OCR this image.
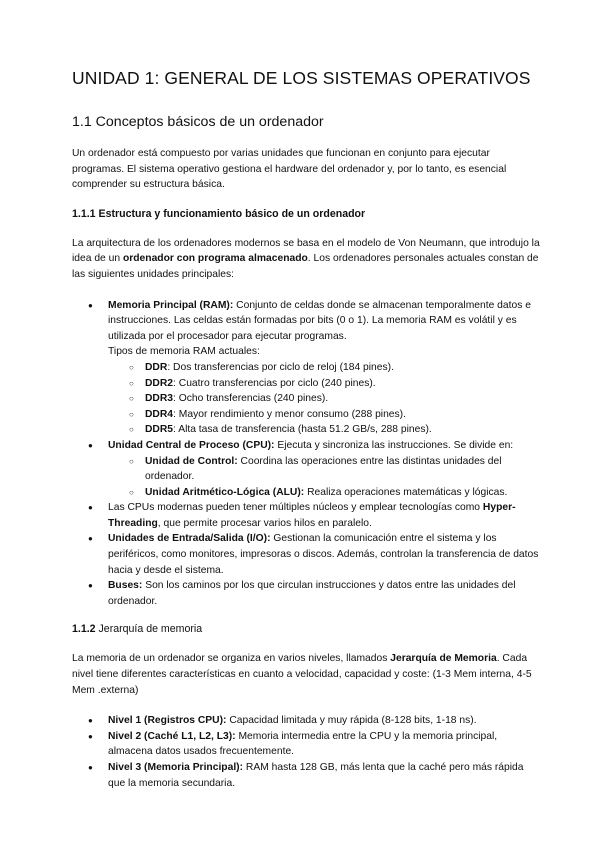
UNIDAD 1: GENERAL DE LOS SISTEMAS OPERATIVOS
1.1 Conceptos básicos de un ordenador

Un ordenador está compuesto por varias unidades que funcionan en conjunto para ejecutar programas. El sistema operativo gestiona el hardware del ordenador y, por lo tanto, es esencial comprender su estructura básica.

1.1.1 Estructura y funcionamiento básico de un ordenador

La arquitectura de los ordenadores modernos se basa en el modelo de Von Neumann, que introdujo la idea de un ordenador con programa almacenado. Los ordenadores personales actuales constan de las siguientes unidades principales:

● Memoria Principal (RAM): Conjunto de celdas donde se almacenan temporalmente datos e instrucciones. Las celdas están formadas por bits (0 o 1). La memoria RAM es volátil y es utilizada por el procesador para ejecutar programas.
Tipos de memoria RAM actuales:
○ DDR: Dos transferencias por ciclo de reloj (184 pines).
○ DDR2: Cuatro transferencias por ciclo (240 pines).
○ DDR3: Ocho transferencias (240 pines).
○ DDR4: Mayor rendimiento y menor consumo (288 pines).
○ DDR5: Alta tasa de transferencia (hasta 51.2 GB/s, 288 pines).
● Unidad Central de Proceso (CPU): Ejecuta y sincroniza las instrucciones. Se divide en:
○ Unidad de Control: Coordina las operaciones entre las distintas unidades del ordenador.
○ Unidad Aritmético-Lógica (ALU): Realiza operaciones matemáticas y lógicas.
● Las CPUs modernas pueden tener múltiples núcleos y emplear tecnologías como Hyper-Threading, que permite procesar varios hilos en paralelo.
● Unidades de Entrada/Salida (I/O): Gestionan la comunicación entre el sistema y los periféricos, como monitores, impresoras o discos. Además, controlan la transferencia de datos hacia y desde el sistema.
● Buses: Son los caminos por los que circulan instrucciones y datos entre las unidades del ordenador.
1.1.2 Jerarquía de memoria

La memoria de un ordenador se organiza en varios niveles, llamados Jerarquía de Memoria. Cada nivel tiene diferentes características en cuanto a velocidad, capacidad y coste: (1-3 Mem interna, 4-5 Mem .externa)

● Nivel 1 (Registros CPU): Capacidad limitada y muy rápida (8-128 bits, 1-18 ns).
● Nivel 2 (Caché L1, L2, L3): Memoria intermedia entre la CPU y la memoria principal, almacena datos usados frecuentemente.
● Nivel 3 (Memoria Principal): RAM hasta 128 GB, más lenta que la caché pero más rápida que la memoria secundaria.
